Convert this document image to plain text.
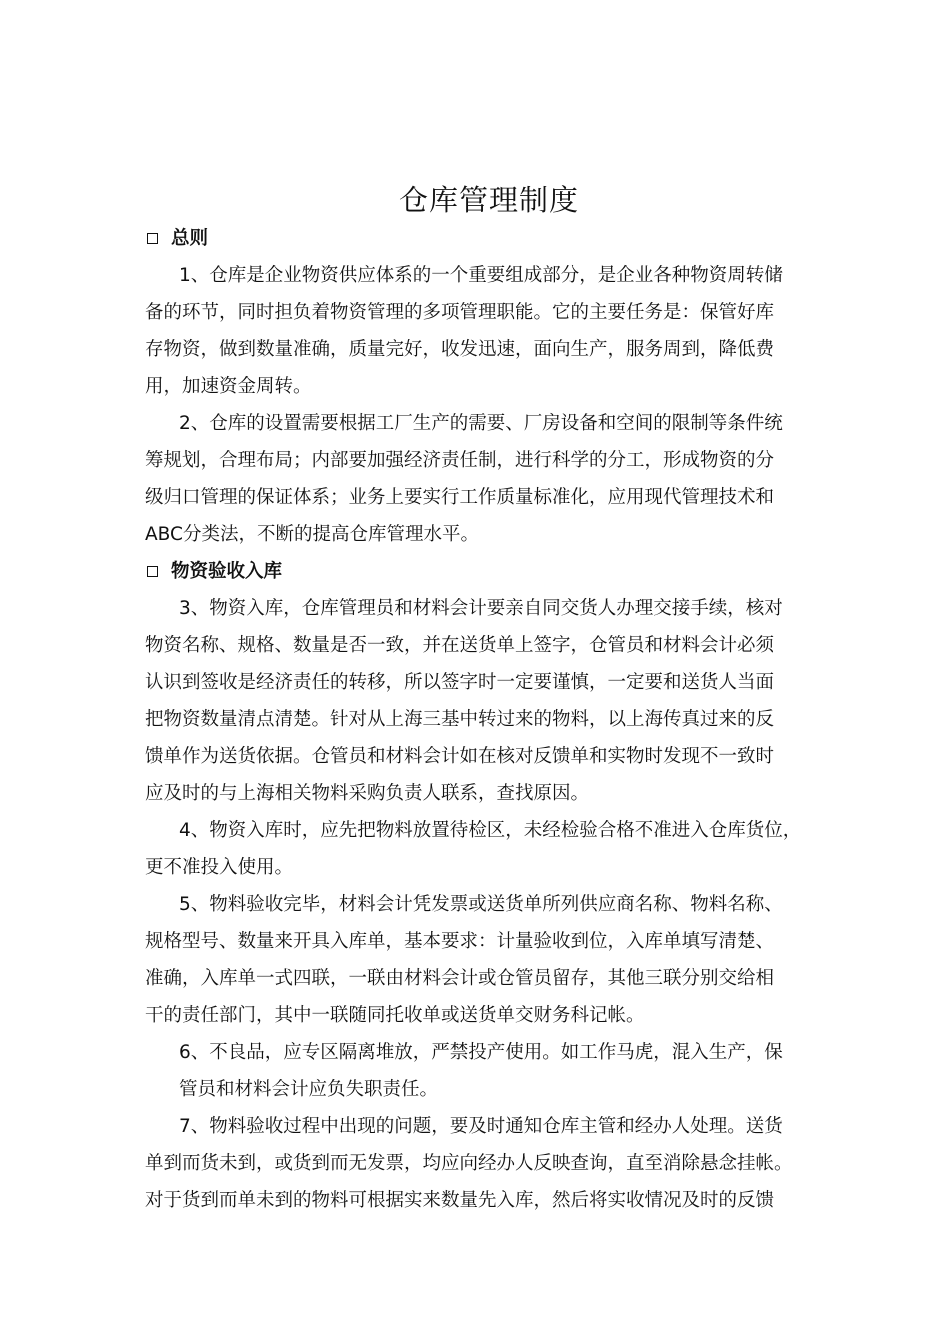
仓库管理制度
总则
1、仓库是企业物资供应体系的一个重要组成部分，是企业各种物资周转储
备的环节，同时担负着物资管理的多项管理职能。它的主要任务是：保管好库
存物资，做到数量准确，质量完好，收发迅速，面向生产，服务周到，降低费
用，加速资金周转。
2、仓库的设置需要根据工厂生产的需要、厂房设备和空间的限制等条件统
筹规划，合理布局；内部要加强经济责任制，进行科学的分工，形成物资的分
级归口管理的保证体系；业务上要实行工作质量标准化，应用现代管理技术和
ABC分类法，不断的提高仓库管理水平。
物资验收入库
3、物资入库，仓库管理员和材料会计要亲自同交货人办理交接手续，核对
物资名称、规格、数量是否一致，并在送货单上签字，仓管员和材料会计必须
认识到签收是经济责任的转移，所以签字时一定要谨慎，一定要和送货人当面
把物资数量清点清楚。针对从上海三基中转过来的物料，以上海传真过来的反
馈单作为送货依据。仓管员和材料会计如在核对反馈单和实物时发现不一致时
应及时的与上海相关物料采购负责人联系，查找原因。
4、物资入库时，应先把物料放置待检区，未经检验合格不准进入仓库货位，
更不准投入使用。
5、物料验收完毕，材料会计凭发票或送货单所列供应商名称、物料名称、
规格型号、数量来开具入库单，基本要求：计量验收到位，入库单填写清楚、
准确，入库单一式四联，一联由材料会计或仓管员留存，其他三联分别交给相
干的责任部门，其中一联随同托收单或送货单交财务科记帐。
6、不良品，应专区隔离堆放，严禁投产使用。如工作马虎，混入生产，保
管员和材料会计应负失职责任。
7、物料验收过程中出现的问题，要及时通知仓库主管和经办人处理。送货
单到而货未到，或货到而无发票，均应向经办人反映查询，直至消除悬念挂帐。
对于货到而单未到的物料可根据实来数量先入库，然后将实收情况及时的反馈
